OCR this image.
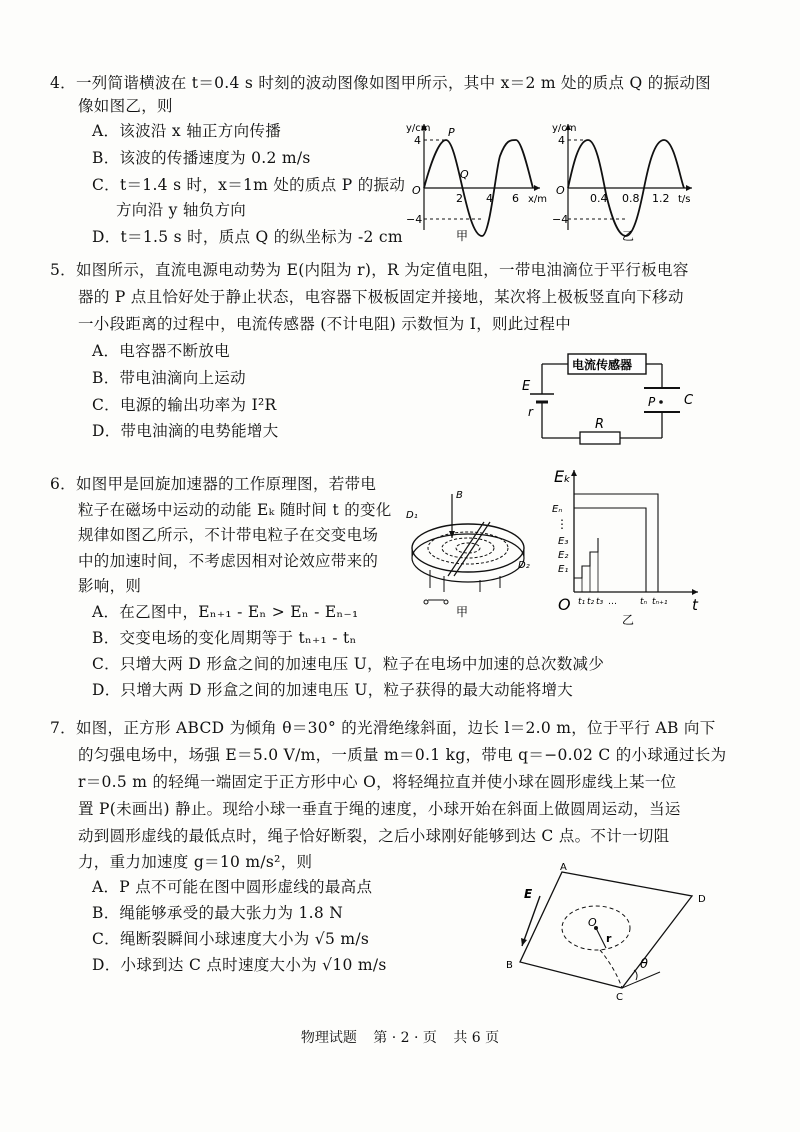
4．一列简谐横波在 t＝0.4 s 时刻的波动图像如图甲所示，其中 x＝2 m 处的质点 Q 的振动图
像如图乙，则
A．该波沿 x 轴正方向传播
B．该波的传播速度为 0.2 m/s
C．t＝1.4 s 时，x＝1m 处的质点 P 的振动
方向沿 y 轴负方向
D．t＝1.5 s 时，质点 Q 的纵坐标为 -2 cm
y/cm
x/m
O
P
Q
2 4 6
4
−4
甲
y/cm
t/s
O
0.4 0.8 1.2
4
−4
乙
5．如图所示，直流电源电动势为 E(内阻为 r)，R 为定值电阻，一带电油滴位于平行板电容
器的 P 点且恰好处于静止状态，电容器下极板固定并接地，某次将上极板竖直向下移动
一小段距离的过程中，电流传感器 (不计电阻) 示数恒为 I，则此过程中
A．电容器不断放电
B．带电油滴向上运动
C．电源的输出功率为 I²R
D．带电油滴的电势能增大
电流传感器
E
r
R
P C
6．如图甲是回旋加速器的工作原理图，若带电
粒子在磁场中运动的动能 Eₖ 随时间 t 的变化
规律如图乙所示，不计带电粒子在交变电场
中的加速时间，不考虑因相对论效应带来的
影响，则
A．在乙图中，Eₙ₊₁ - Eₙ > Eₙ - Eₙ₋₁
B．交变电场的变化周期等于 tₙ₊₁ - tₙ
C．只增大两 D 形盒之间的加速电压 U，粒子在电场中加速的总次数减少
D．只增大两 D 形盒之间的加速电压 U，粒子获得的最大动能将增大
B
D₁
D₂
甲
Eₖ
t
O
Eₙ
⋮
E₃
E₂
E₁
t₁ t₂ t₃ …	tₙ tₙ₊₁
乙
7．如图，正方形 ABCD 为倾角 θ＝30° 的光滑绝缘斜面，边长 l＝2.0 m，位于平行 AB 向下
的匀强电场中，场强 E＝5.0 V/m，一质量 m＝0.1 kg，带电 q＝−0.02 C 的小球通过长为
r＝0.5 m 的轻绳一端固定于正方形中心 O，将轻绳拉直并使小球在圆形虚线上某一位
置 P(未画出) 静止。现给小球一垂直于绳的速度，小球开始在斜面上做圆周运动，当运
动到圆形虚线的最低点时，绳子恰好断裂，之后小球刚好能够到达 C 点。不计一切阻
力，重力加速度 g＝10 m/s²，则
A．P 点不可能在图中圆形虚线的最高点
B．绳能够承受的最大张力为 1.8 N
C．绳断裂瞬间小球速度大小为 √5 m/s
D．小球到达 C 点时速度大小为 √10 m/s
A
D
B
C
E
O
r
θ
物理试题 第 · 2 · 页 共 6 页
